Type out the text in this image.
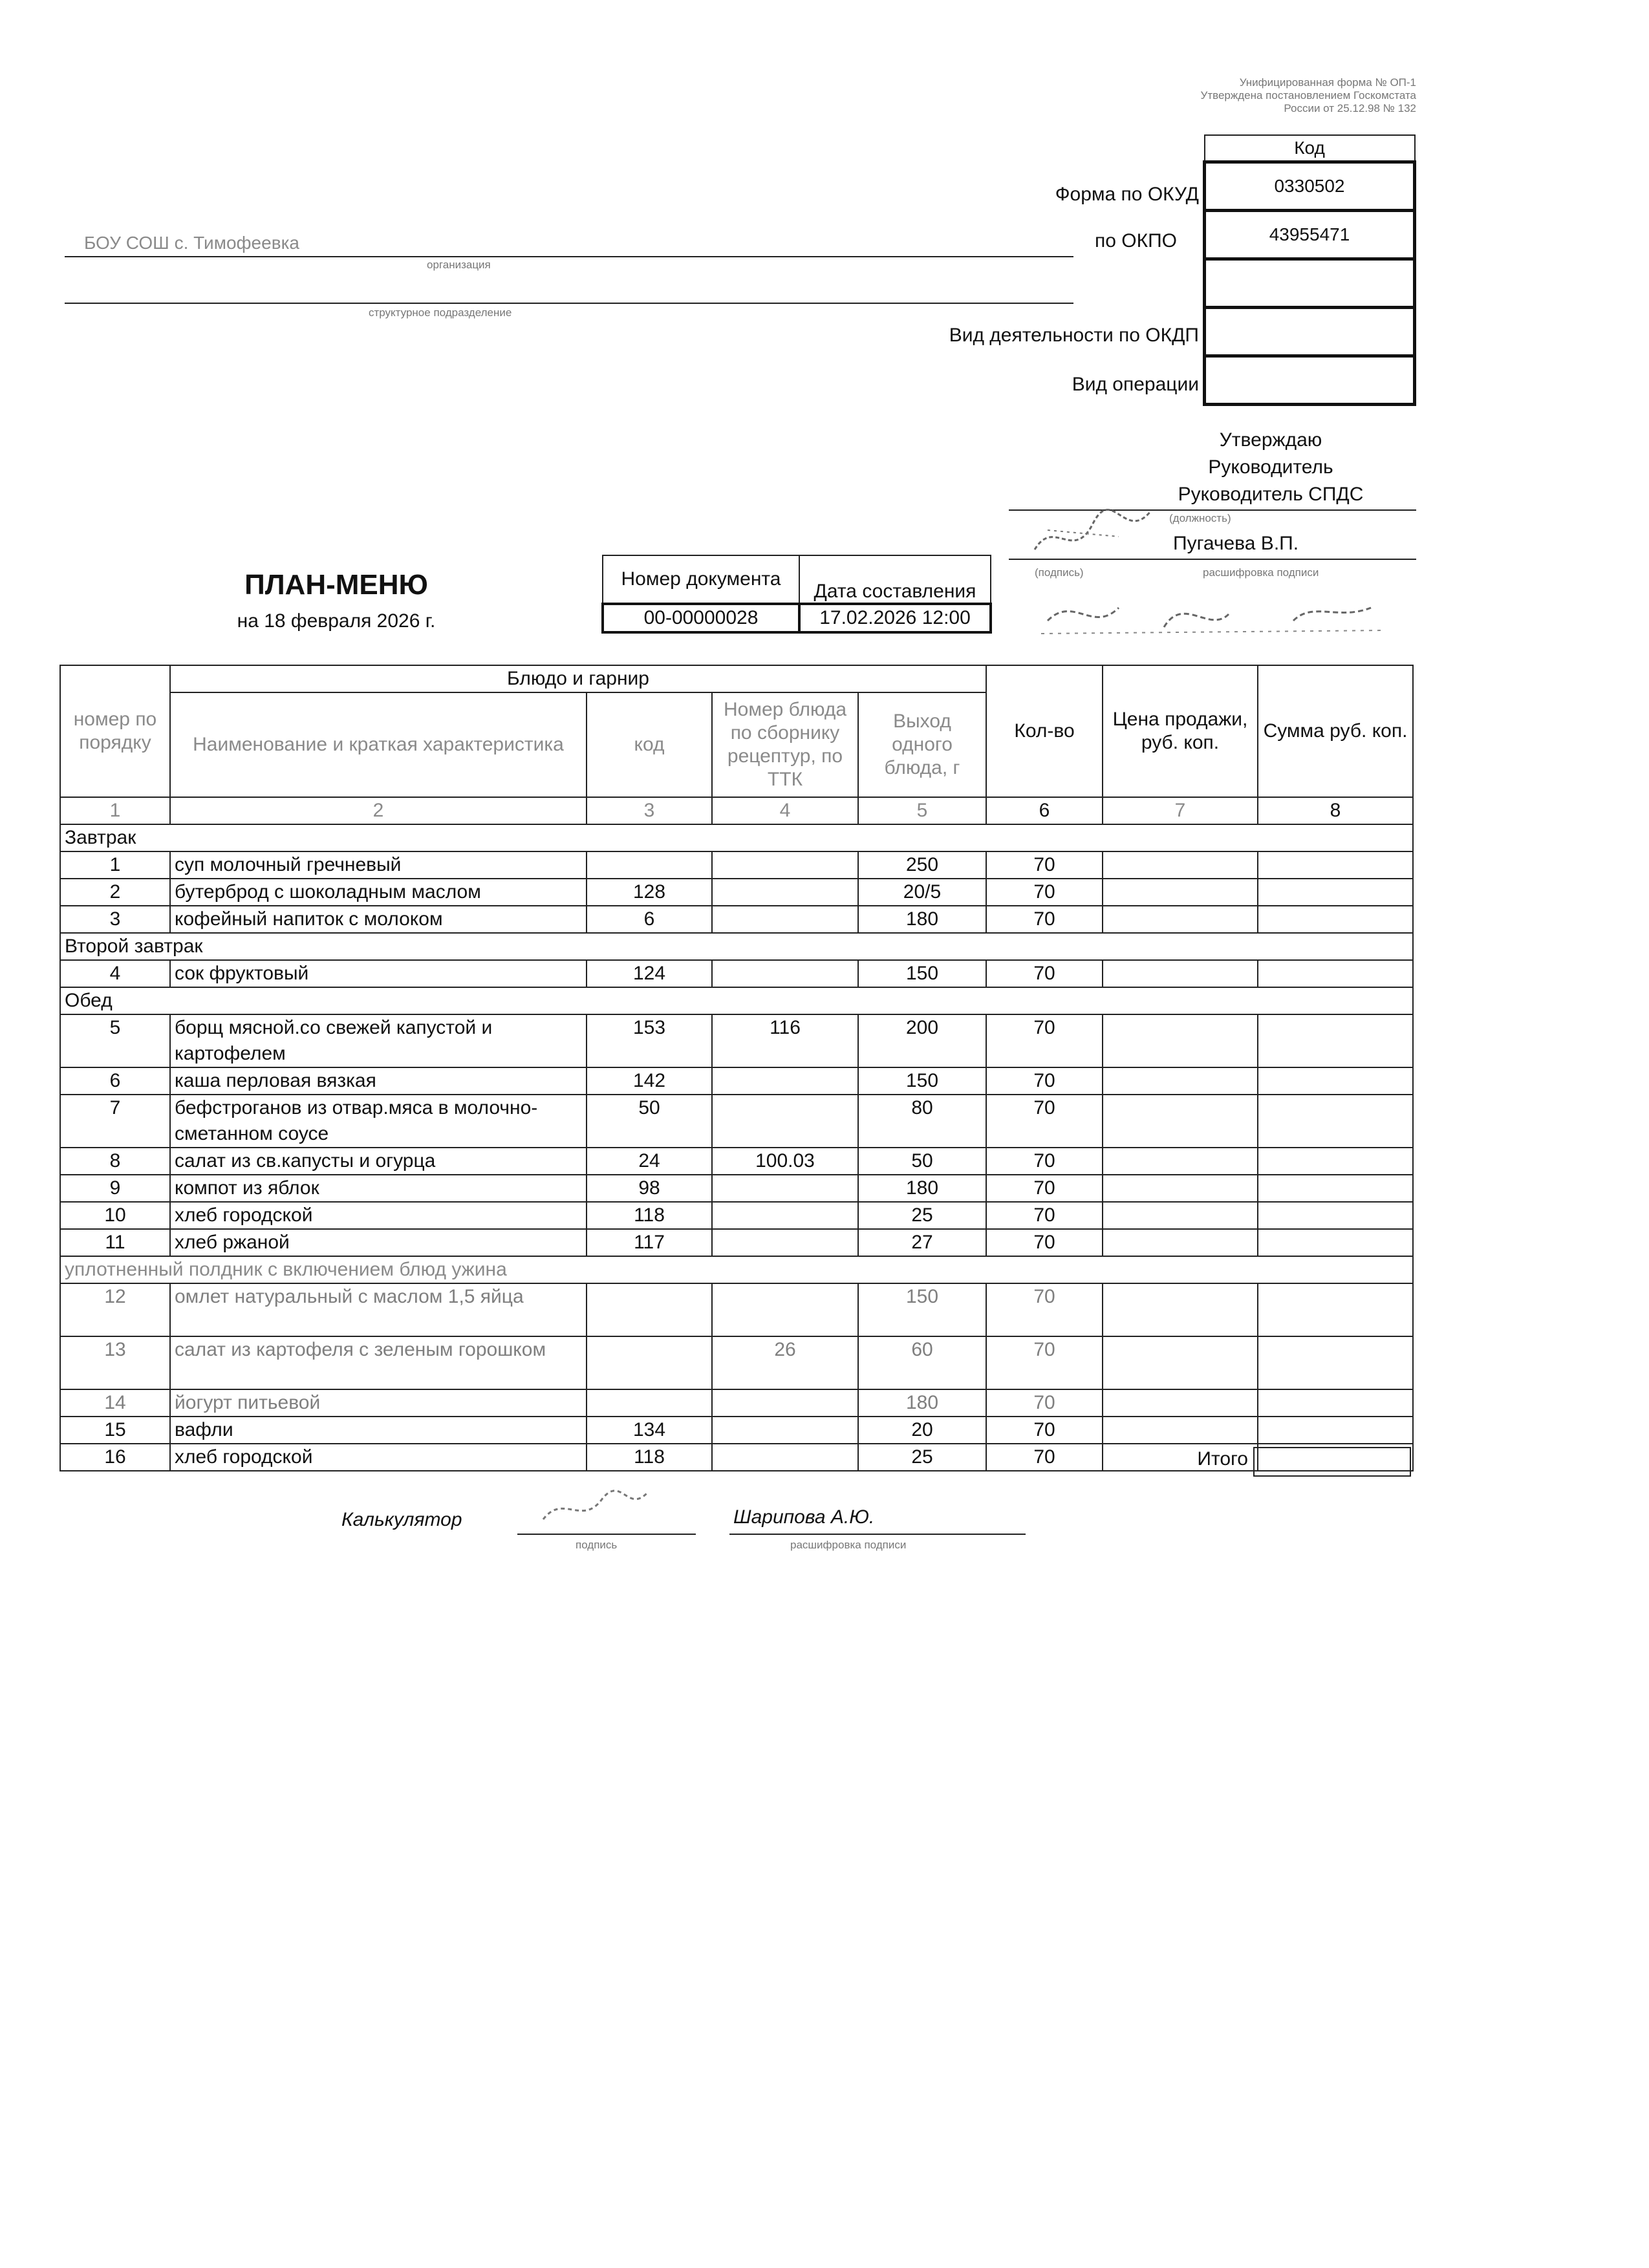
Унифицированная форма № ОП-1
Утверждена постановлением Госкомстата
России от 25.12.98 № 132
Форма по ОКУД
по ОКПО
Вид деятельности по ОКДП
Вид операции
Код
0330502
43955471

БОУ СОШ с. Тимофеевка
организация
структурное подразделение
Утверждаю
Руководитель
Руководитель СПДС
(должность)
Пугачева В.П.
(подпись)	расшифровка подписи
ПЛАН-МЕНЮ
на 18 февраля 2026 г.
Номер документа	Дата составления
00-00000028	17.02.2026 12:00
номер по порядку	Блюдо и гарнир				Кол-во	Цена продажи, руб. коп.	Сумма руб. коп.
	Наименование и краткая характеристика	код	Номер блюда по сборнику рецептур, по ТТК	Выход одного блюда, г			
1	2	3	4	5	6	7	8
Завтрак							
1	суп молочный гречневый			250	70		
2	бутерброд с шоколадным маслом	128		20/5	70		
3	кофейный напиток с молоком	6		180	70		
Второй завтрак							
4	сок фруктовый	124		150	70		
Обед							
5	борщ мясной.со свежей капустой и картофелем	153	116	200	70		
6	каша перловая вязкая	142		150	70		
7	бефстроганов из отвар.мяса в молочно-сметанном соусе	50		80	70		
8	салат из св.капусты и огурца	24	100.03	50	70		
9	компот из яблок	98		180	70		
10	хлеб городской	118		25	70		
11	хлеб ржаной	117		27	70		
уплотненный полдник с включением блюд ужина							
12	омлет натуральный с маслом 1,5 яйца			150	70		
13	салат из картофеля с зеленым горошком		26	60	70		
14	йогурт питьевой			180	70		
15	вафли	134		20	70		
16	хлеб городской	118		25	70			Итого
Калькулятор
подпись
Шарипова А.Ю.
расшифровка подписи
